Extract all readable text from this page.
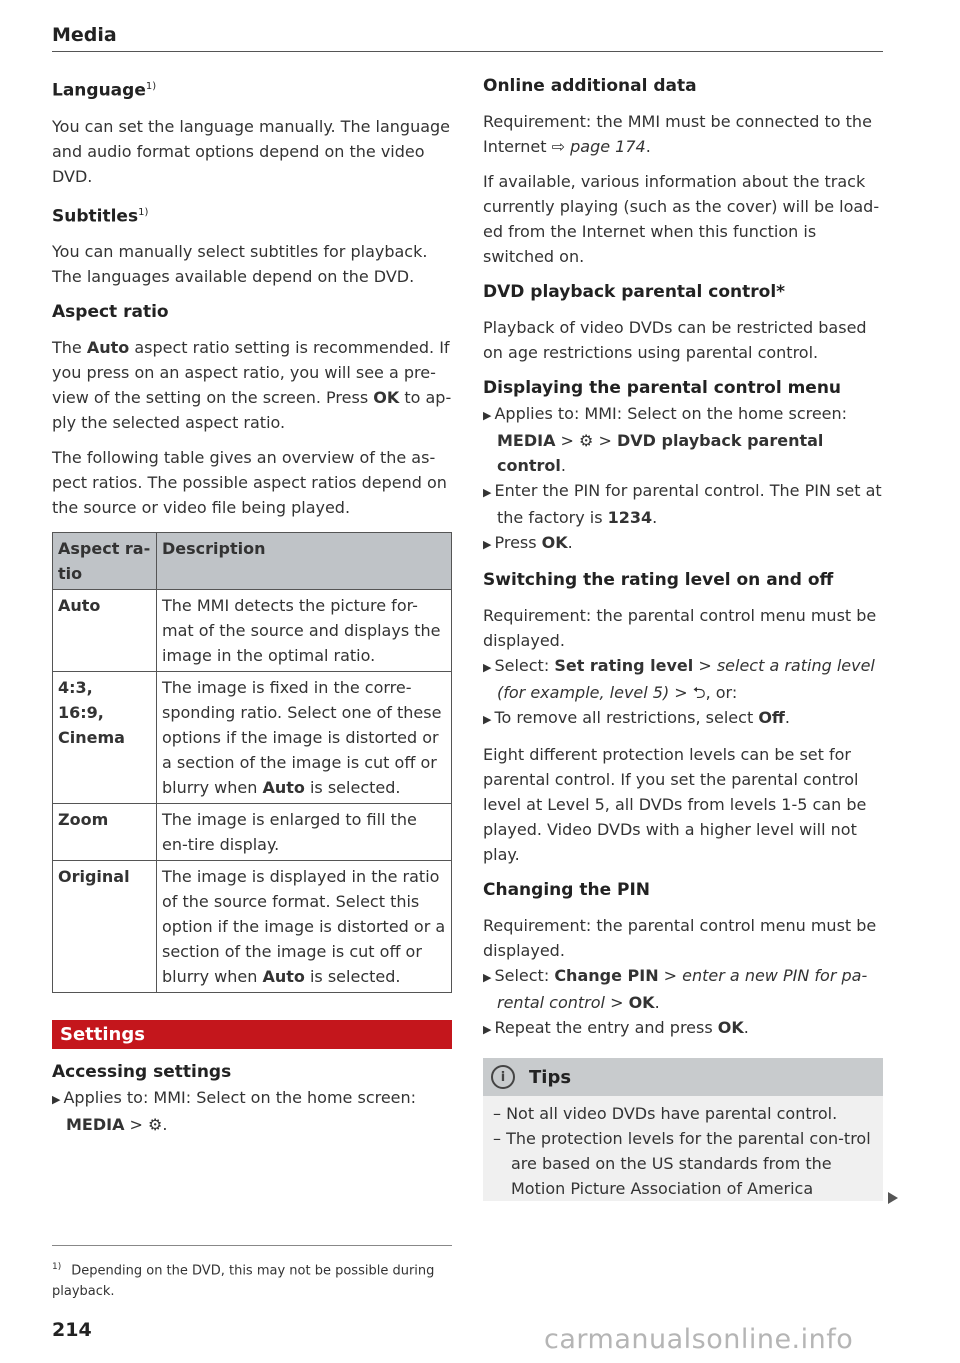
Media
Language$^{1)}$

You can set the language manually. The language and audio format options depend on the video DVD.

Subtitles$^{1)}$

You can manually select subtitles for playback. The languages available depend on the DVD.

Aspect ratio

The Auto aspect ratio setting is recommended. If you press on an aspect ratio, you will see a pre-view of the setting on the screen. Press OK to ap-ply the selected aspect ratio.

The following table gives an overview of the as-pect ratios. The possible aspect ratios depend on the source or video file being played.

Aspect ra-tio	Description
Auto	The MMI detects the picture for-mat of the source and displays the image in the optimal ratio.
4:3,
16:9,
Cinema	The image is fixed in the corre-sponding ratio. Select one of these options if the image is distorted or a section of the image is cut off or blurry when Auto is selected.
Zoom	The image is enlarged to fill the en-tire display.
Original	The image is displayed in the ratio of the source format. Select this option if the image is distorted or a section of the image is cut off or blurry when Auto is selected.
Settings
Accessing settings

▶ Applies to: MMI: Select on the home screen: MEDIA > ⚙.

$^{1)}$ Depending on the DVD, this may not be possible during playback.
214
Online additional data

Requirement: the MMI must be connected to the Internet ⇨ page 174.

If available, various information about the track currently playing (such as the cover) will be load-ed from the Internet when this function is switched on.

DVD playback parental control*

Playback of video DVDs can be restricted based on age restrictions using parental control.

Displaying the parental control menu

▶ Applies to: MMI: Select on the home screen: MEDIA > ⚙ > DVD playback parental control.

▶ Enter the PIN for parental control. The PIN set at the factory is 1234.

▶ Press OK.

Switching the rating level on and off

Requirement: the parental control menu must be displayed.

▶ Select: Set rating level > select a rating level (for example, level 5) > ⮌, or:

▶ To remove all restrictions, select Off.

Eight different protection levels can be set for parental control. If you set the parental control level at Level 5, all DVDs from levels 1-5 can be played. Video DVDs with a higher level will not play.

Changing the PIN

Requirement: the parental control menu must be displayed.

▶ Select: Change PIN > enter a new PIN for pa-rental control > OK.

▶ Repeat the entry and press OK.

i	Tips

– Not all video DVDs have parental control.

– The protection levels for the parental con-trol are based on the US standards from the Motion Picture Association of America

carmanualsonline.info
